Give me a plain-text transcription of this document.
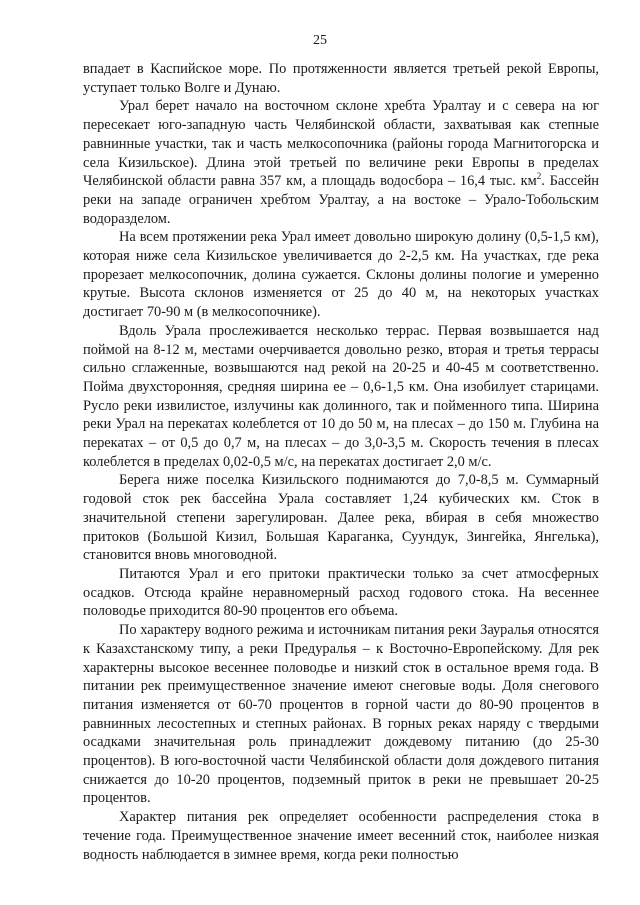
25

впадает в Каспийское море. По протяженности является третьей рекой Европы, уступает только Волге и Дунаю.

Урал берет начало на восточном склоне хребта Уралтау и с севера на юг пересекает юго-западную часть Челябинской области, захватывая как степные равнинные участки, так и часть мелкосопочника (районы города Магнитогорска и села Кизильское). Длина этой третьей по величине реки Европы в пределах Челябинской области равна 357 км, а площадь водосбора – 16,4 тыс. $км^2$. Бассейн реки на западе ограничен хребтом Уралтау, а на востоке – Урало-Тобольским водоразделом.

На всем протяжении река Урал имеет довольно широкую долину (0,5-1,5 км), которая ниже села Кизильское увеличивается до 2-2,5 км. На участках, где река прорезает мелкосопочник, долина сужается. Склоны долины пологие и умеренно крутые. Высота склонов изменяется от 25 до 40 м, на некоторых участках достигает 70-90 м (в мелкосопочнике).

Вдоль Урала прослеживается несколько террас. Первая возвышается над поймой на 8-12 м, местами очерчивается довольно резко, вторая и третья террасы сильно сглаженные, возвышаются над рекой на 20-25 и 40-45 м соответственно. Пойма двухсторонняя, средняя ширина ее – 0,6-1,5 км. Она изобилует старицами. Русло реки извилистое, излучины как долинного, так и пойменного типа. Ширина реки Урал на перекатах колеблется от 10 до 50 м, на плесах – до 150 м. Глубина на перекатах – от 0,5 до 0,7 м, на плесах – до 3,0-3,5 м. Скорость течения в плесах колеблется в пределах 0,02-0,5 м/с, на перекатах достигает 2,0 м/с.

Берега ниже поселка Кизильского поднимаются до 7,0-8,5 м. Суммарный годовой сток рек бассейна Урала составляет 1,24 кубических км. Сток в значительной степени зарегулирован. Далее река, вбирая в себя множество притоков (Большой Кизил, Большая Караганка, Суундук, Зингейка, Янгелька), становится вновь многоводной.

Питаются Урал и его притоки практически только за счет атмосферных осадков. Отсюда крайне неравномерный расход годового стока. На весеннее половодье приходится 80-90 процентов его объема.

По характеру водного режима и источникам питания реки Зауралья относятся к Казахстанскому типу, а реки Предуралья – к Восточно-Европейскому. Для рек характерны высокое весеннее половодье и низкий сток в остальное время года. В питании рек преимущественное значение имеют снеговые воды. Доля снегового питания изменяется от 60-70 процентов в горной части до 80-90 процентов в равнинных лесостепных и степных районах. В горных реках наряду с твердыми осадками значительная роль принадлежит дождевому питанию (до 25-30 процентов). В юго-восточной части Челябинской области доля дождевого питания снижается до 10-20 процентов, подземный приток в реки не превышает 20-25 процентов.

Характер питания рек определяет особенности распределения стока в течение года. Преимущественное значение имеет весенний сток, наиболее низкая водность наблюдается в зимнее время, когда реки полностью
